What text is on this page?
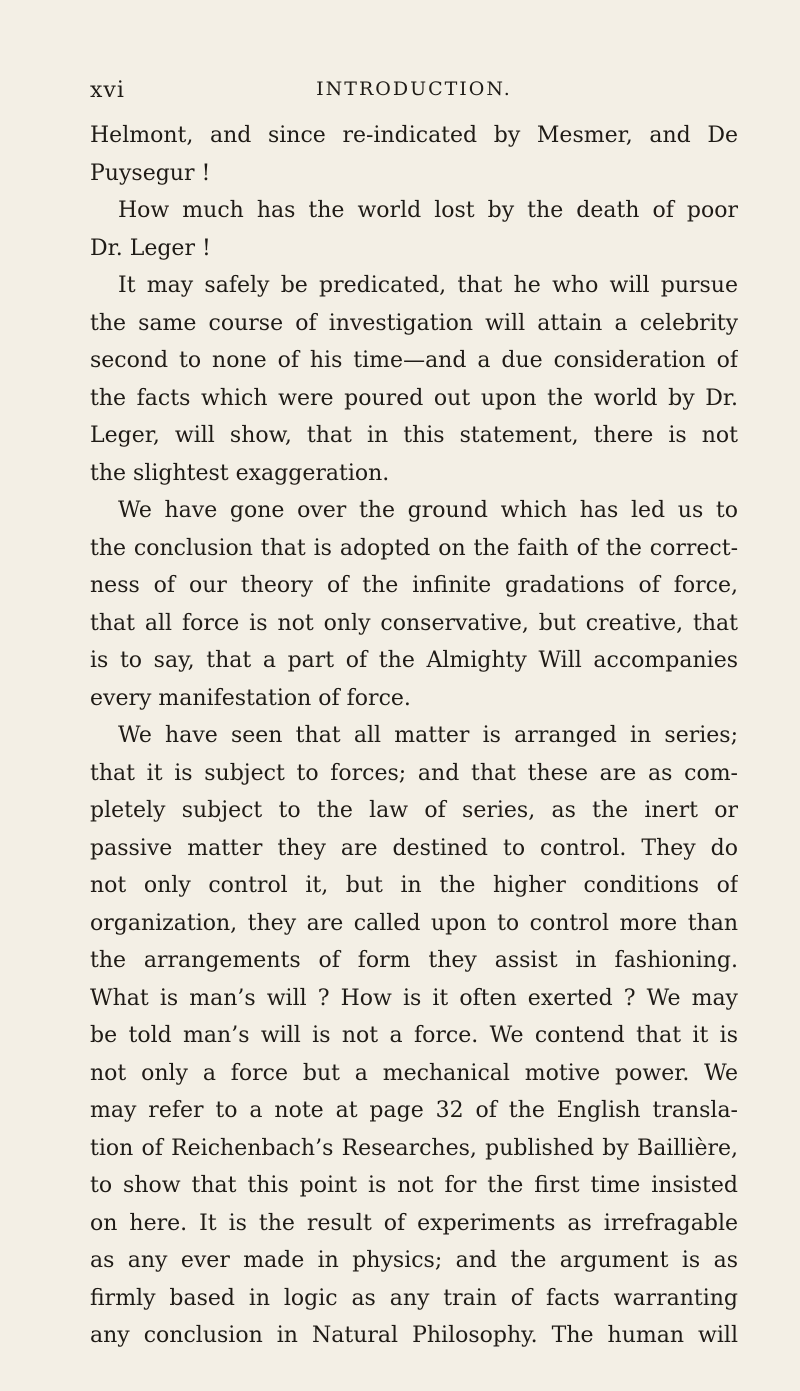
xvi	INTRODUCTION.
Helmont, and since re-indicated by Mesmer, and De
Puysegur !
How much has the world lost by the death of poor
Dr. Leger !
It may safely be predicated, that he who will pursue
the same course of investigation will attain a celebrity
second to none of his time—and a due consideration of
the facts which were poured out upon the world by Dr.
Leger, will show, that in this statement, there is not
the slightest exaggeration.
We have gone over the ground which has led us to
the conclusion that is adopted on the faith of the correct-
ness of our theory of the infinite gradations of force,
that all force is not only conservative, but creative, that
is to say, that a part of the Almighty Will accompanies
every manifestation of force.
We have seen that all matter is arranged in series;
that it is subject to forces; and that these are as com-
pletely subject to the law of series, as the inert or
passive matter they are destined to control. They do
not only control it, but in the higher conditions of
organization, they are called upon to control more than
the arrangements of form they assist in fashioning.
What is man’s will ? How is it often exerted ? We may
be told man’s will is not a force. We contend that it is
not only a force but a mechanical motive power. We
may refer to a note at page 32 of the English transla-
tion of Reichenbach’s Researches, published by Baillière,
to show that this point is not for the first time insisted
on here. It is the result of experiments as irrefragable
as any ever made in physics; and the argument is as
firmly based in logic as any train of facts warranting
any conclusion in Natural Philosophy. The human will
